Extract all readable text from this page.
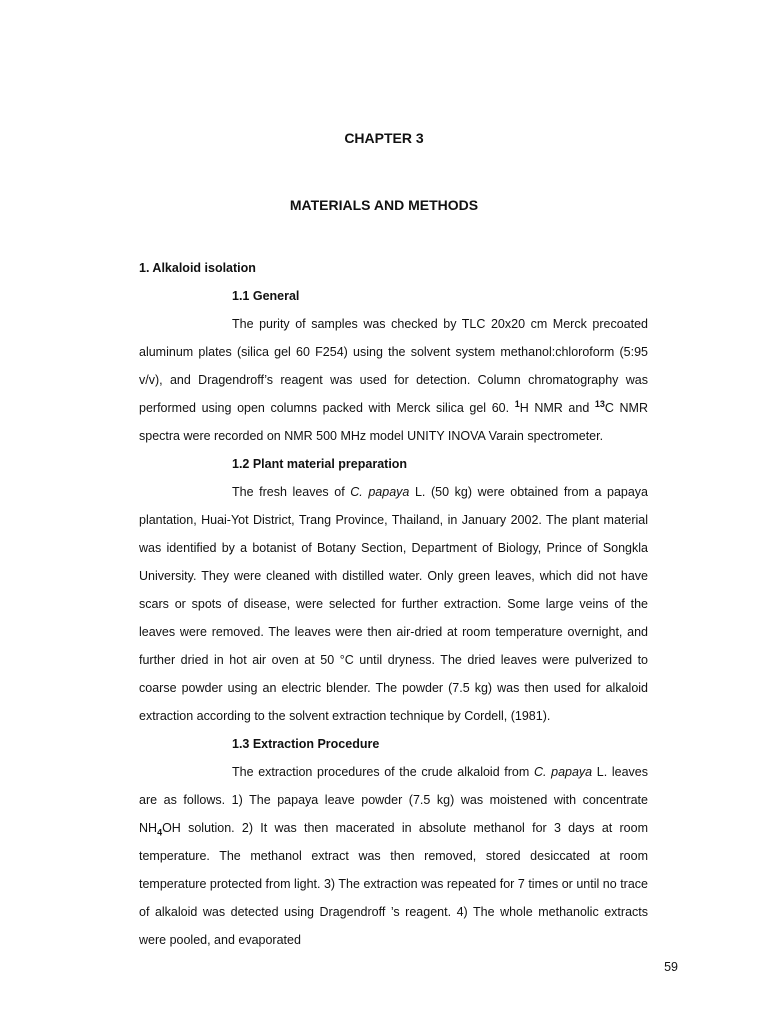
CHAPTER 3
MATERIALS AND METHODS

1. Alkaloid isolation

1.1 General

The purity of samples was checked by TLC 20x20 cm Merck precoated aluminum plates (silica gel 60 F254) using the solvent system methanol:chloroform (5:95 v/v), and Dragendroff’s reagent was used for detection. Column chromatography was performed using open columns packed with Merck silica gel 60. $^1$H NMR and $^{13}$C NMR spectra were recorded on NMR 500 MHz model UNITY INOVA Varain spectrometer.

1.2 Plant material preparation

The fresh leaves of C. papaya L. (50 kg) were obtained from a papaya plantation, Huai-Yot District, Trang Province, Thailand, in January 2002. The plant material was identified by a botanist of Botany Section, Department of Biology, Prince of Songkla University. They were cleaned with distilled water. Only green leaves, which did not have scars or spots of disease, were selected for further extraction. Some large veins of the leaves were removed. The leaves were then air-dried at room temperature overnight, and further dried in hot air oven at 50 °C until dryness. The dried leaves were pulverized to coarse powder using an electric blender. The powder (7.5 kg) was then used for alkaloid extraction according to the solvent extraction technique by Cordell, (1981).

1.3 Extraction Procedure

The extraction procedures of the crude alkaloid from C. papaya L. leaves are as follows. 1) The papaya leave powder (7.5 kg) was moistened with concentrate $NH_4OH$ solution. 2) It was then macerated in absolute methanol for 3 days at room temperature. The methanol extract was then removed, stored desiccated at room temperature protected from light. 3) The extraction was repeated for 7 times or until no trace of alkaloid was detected using Dragendroff ’s reagent. 4) The whole methanolic extracts were pooled, and evaporated

59
